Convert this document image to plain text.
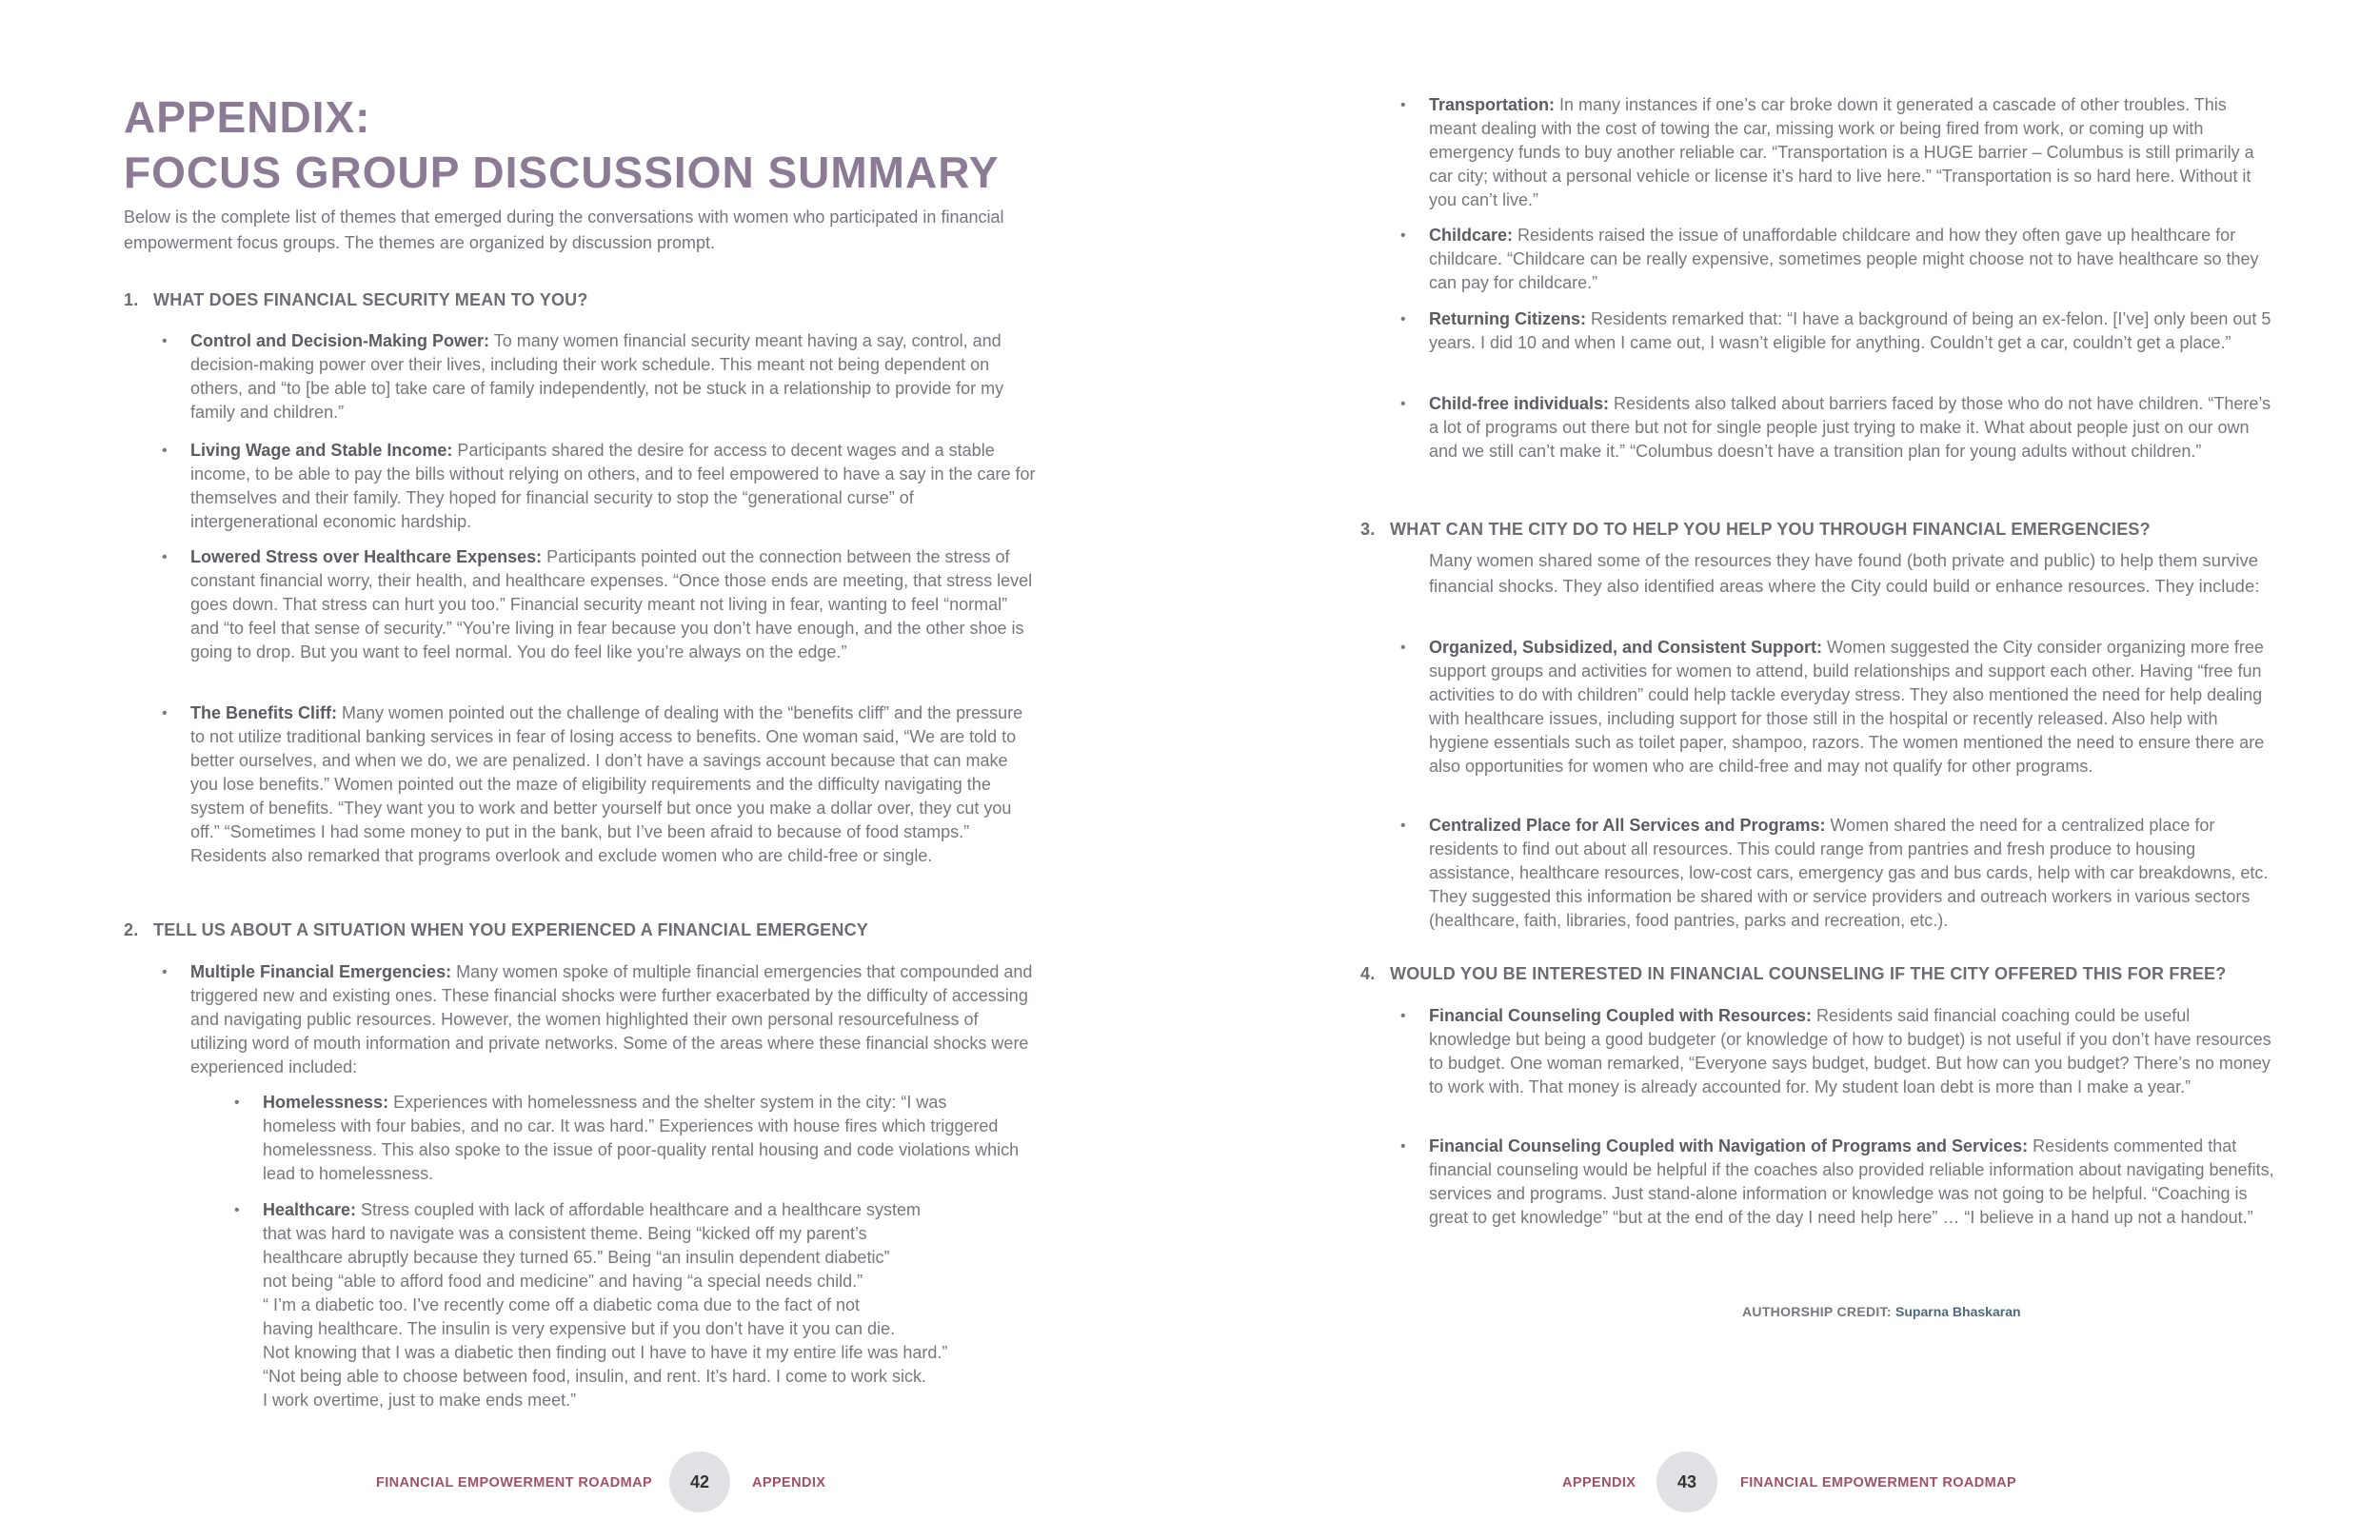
APPENDIX:
FOCUS GROUP DISCUSSION SUMMARY

Below is the complete list of themes that emerged during the conversations with women who participated in financial empowerment focus groups. The themes are organized by discussion prompt.

1. WHAT DOES FINANCIAL SECURITY MEAN TO YOU?
• Control and Decision-Making Power: To many women financial security meant having a say, control, and decision-making power over their lives, including their work schedule. This meant not being dependent on others, and “to [be able to] take care of family independently, not be stuck in a relationship to provide for my family and children.”

• Living Wage and Stable Income: Participants shared the desire for access to decent wages and a stable income, to be able to pay the bills without relying on others, and to feel empowered to have a say in the care for themselves and their family. They hoped for financial security to stop the “generational curse” of intergenerational economic hardship.

• Lowered Stress over Healthcare Expenses: Participants pointed out the connection between the stress of constant financial worry, their health, and healthcare expenses. “Once those ends are meeting, that stress level goes down. That stress can hurt you too.” Financial security meant not living in fear, wanting to feel “normal” and “to feel that sense of security.” “You’re living in fear because you don’t have enough, and the other shoe is going to drop. But you want to feel normal. You do feel like you’re always on the edge.”

• The Benefits Cliff: Many women pointed out the challenge of dealing with the “benefits cliff” and the pressure to not utilize traditional banking services in fear of losing access to benefits. One woman said, “We are told to better ourselves, and when we do, we are penalized. I don’t have a savings account because that can make you lose benefits.” Women pointed out the maze of eligibility requirements and the difficulty navigating the system of benefits. “They want you to work and better yourself but once you make a dollar over, they cut you off.” “Sometimes I had some money to put in the bank, but I’ve been afraid to because of food stamps.” Residents also remarked that programs overlook and exclude women who are child-free or single.

2. TELL US ABOUT A SITUATION WHEN YOU EXPERIENCED A FINANCIAL EMERGENCY
• Multiple Financial Emergencies: Many women spoke of multiple financial emergencies that compounded and triggered new and existing ones. These financial shocks were further exacerbated by the difficulty of accessing and navigating public resources. However, the women highlighted their own personal resourcefulness of utilizing word of mouth information and private networks. Some of the areas where these financial shocks were experienced included:

• Homelessness: Experiences with homelessness and the shelter system in the city: “I was homeless with four babies, and no car. It was hard.” Experiences with house fires which triggered homelessness. This also spoke to the issue of poor-quality rental housing and code violations which lead to homelessness.

• Healthcare: Stress coupled with lack of affordable healthcare and a healthcare system
that was hard to navigate was a consistent theme. Being “kicked off my parent’s
healthcare abruptly because they turned 65.” Being “an insulin dependent diabetic”
not being “able to afford food and medicine” and having “a special needs child.”
“ I’m a diabetic too. I’ve recently come off a diabetic coma due to the fact of not
having healthcare. The insulin is very expensive but if you don’t have it you can die.
Not knowing that I was a diabetic then finding out I have to have it my entire life was hard.”
“Not being able to choose between food, insulin, and rent. It’s hard. I come to work sick.
I work overtime, just to make ends meet.”

FINANCIAL EMPOWERMENT ROADMAP	42	APPENDIX
• Transportation: In many instances if one’s car broke down it generated a cascade of other troubles. This meant dealing with the cost of towing the car, missing work or being fired from work, or coming up with emergency funds to buy another reliable car. “Transportation is a HUGE barrier – Columbus is still primarily a car city; without a personal vehicle or license it’s hard to live here.” “Transportation is so hard here. Without it you can’t live.”

• Childcare: Residents raised the issue of unaffordable childcare and how they often gave up healthcare for childcare. “Childcare can be really expensive, sometimes people might choose not to have healthcare so they can pay for childcare.”

• Returning Citizens: Residents remarked that: “I have a background of being an ex-felon. [I’ve] only been out 5 years. I did 10 and when I came out, I wasn’t eligible for anything. Couldn’t get a car, couldn’t get a place.”

• Child-free individuals: Residents also talked about barriers faced by those who do not have children. “There’s a lot of programs out there but not for single people just trying to make it. What about people just on our own and we still can’t make it.” “Columbus doesn’t have a transition plan for young adults without children.”

3. WHAT CAN THE CITY DO TO HELP YOU HELP YOU THROUGH FINANCIAL EMERGENCIES?

Many women shared some of the resources they have found (both private and public) to help them survive financial shocks. They also identified areas where the City could build or enhance resources. They include:

• Organized, Subsidized, and Consistent Support: Women suggested the City consider organizing more free support groups and activities for women to attend, build relationships and support each other. Having “free fun activities to do with children” could help tackle everyday stress. They also mentioned the need for help dealing with healthcare issues, including support for those still in the hospital or recently released. Also help with hygiene essentials such as toilet paper, shampoo, razors. The women mentioned the need to ensure there are also opportunities for women who are child-free and may not qualify for other programs.

• Centralized Place for All Services and Programs: Women shared the need for a centralized place for residents to find out about all resources. This could range from pantries and fresh produce to housing assistance, healthcare resources, low-cost cars, emergency gas and bus cards, help with car breakdowns, etc. They suggested this information be shared with or service providers and outreach workers in various sectors (healthcare, faith, libraries, food pantries, parks and recreation, etc.).

4. WOULD YOU BE INTERESTED IN FINANCIAL COUNSELING IF THE CITY OFFERED THIS FOR FREE?
• Financial Counseling Coupled with Resources: Residents said financial coaching could be useful knowledge but being a good budgeter (or knowledge of how to budget) is not useful if you don’t have resources to budget. One woman remarked, “Everyone says budget, budget. But how can you budget? There’s no money to work with. That money is already accounted for. My student loan debt is more than I make a year.”

• Financial Counseling Coupled with Navigation of Programs and Services: Residents commented that financial counseling would be helpful if the coaches also provided reliable information about navigating benefits, services and programs. Just stand-alone information or knowledge was not going to be helpful. “Coaching is great to get knowledge” “but at the end of the day I need help here” … “I believe in a hand up not a handout.”

AUTHORSHIP CREDIT: Suparna Bhaskaran
APPENDIX	43	FINANCIAL EMPOWERMENT ROADMAP
